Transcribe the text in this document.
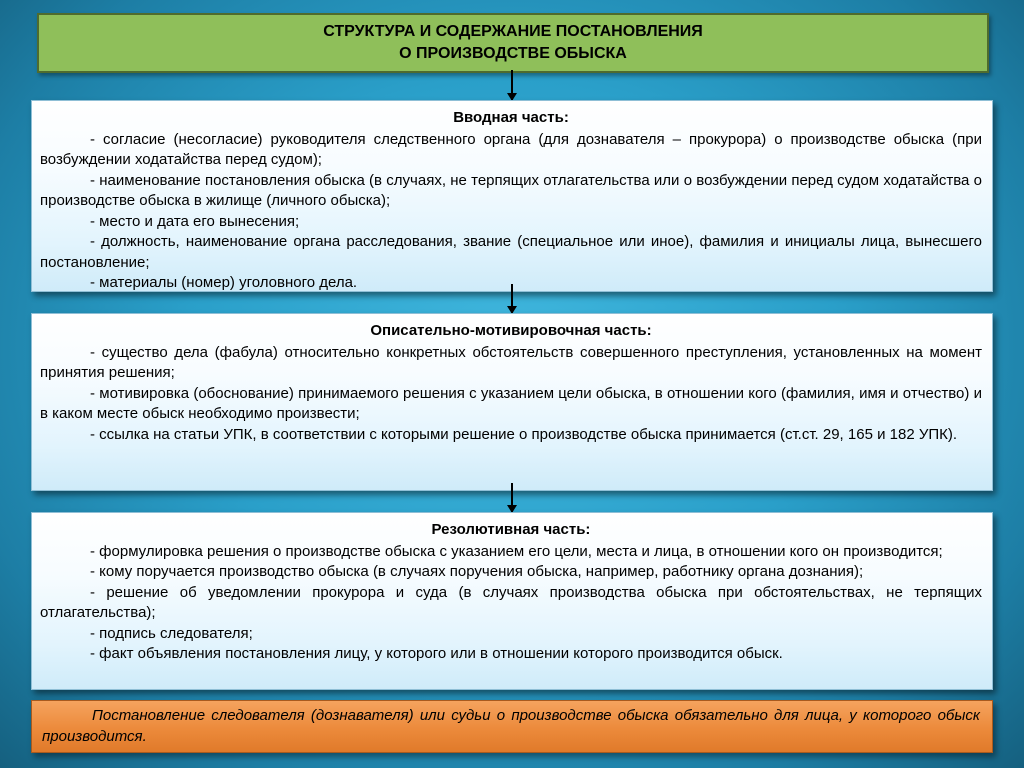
СТРУКТУРА И СОДЕРЖАНИЕ ПОСТАНОВЛЕНИЯ
О ПРОИЗВОДСТВЕ ОБЫСКА

Вводная часть:

- согласие (несогласие) руководителя следственного органа (для дознавателя – прокурора) о производстве обыска (при возбуждении ходатайства перед судом);

- наименование постановления обыска (в случаях, не терпящих отлагательства или о возбуждении перед судом ходатайства о производстве обыска в жилище (личного обыска);

- место и дата его вынесения;

- должность, наименование органа расследования, звание (специальное или иное), фамилия и инициалы лица, вынесшего постановление;

- материалы (номер) уголовного дела.

Описательно-мотивировочная часть:

- существо дела (фабула) относительно конкретных обстоятельств совершенного преступления, установленных на момент принятия решения;

- мотивировка (обоснование) принимаемого решения с указанием цели обыска, в отношении кого (фамилия, имя и отчество) и в каком месте обыск необходимо произвести;

- ссылка на статьи УПК, в соответствии с которыми решение о производстве обыска принимается (ст.ст. 29, 165 и 182 УПК).

Резолютивная часть:

- формулировка решения о производстве обыска с указанием его цели, места и лица, в отношении кого он производится;

- кому поручается производство обыска (в случаях поручения обыска, например, работнику органа дознания);

- решение об уведомлении прокурора и суда (в случаях производства обыска при обстоятельствах, не терпящих отлагательства);

- подпись следователя;

- факт объявления постановления лицу, у которого или в отношении которого производится обыск.

Постановление следователя (дознавателя) или судьи о производстве обыска обязательно для лица, у которого обыск производится.
